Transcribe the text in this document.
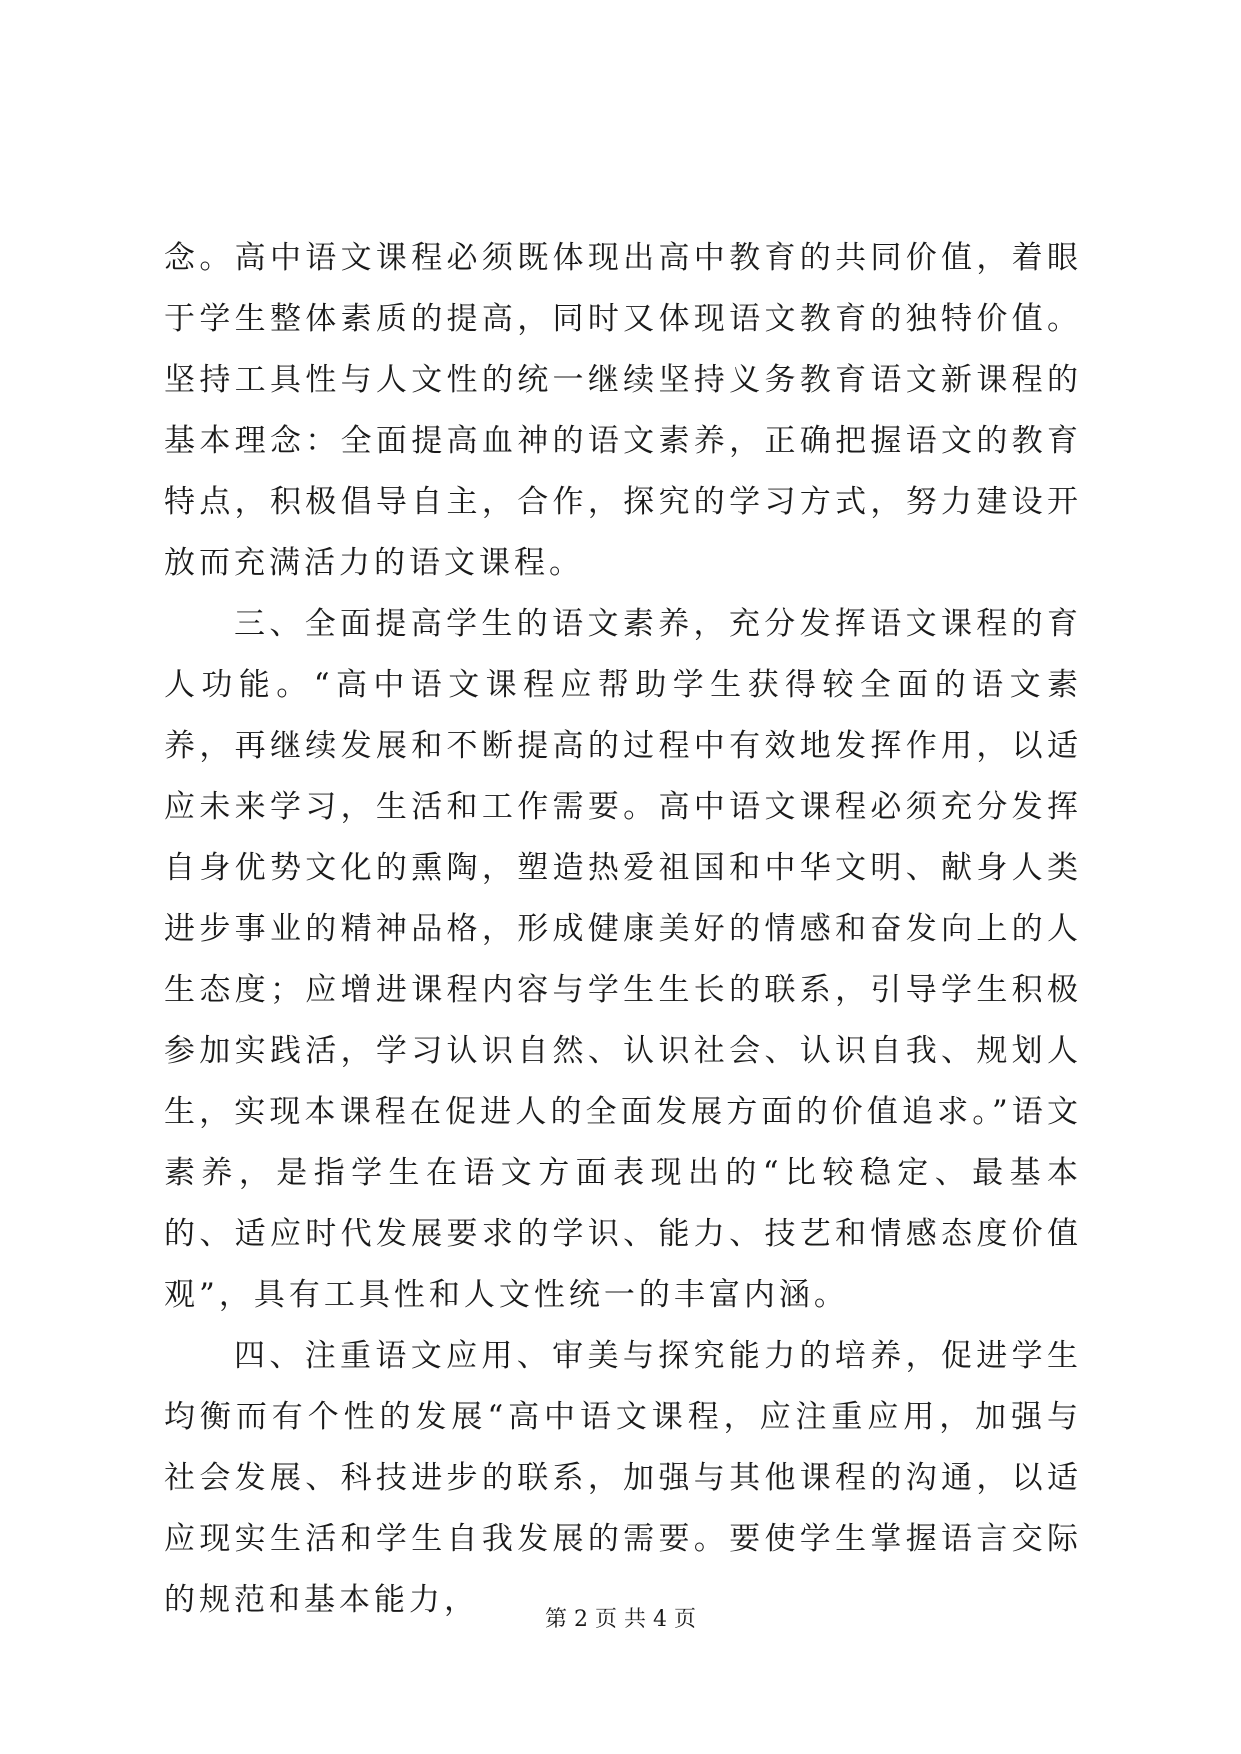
念。高中语文课程必须既体现出高中教育的共同价值，着眼于学生整体素质的提高，同时又体现语文教育的独特价值。坚持工具性与人文性的统一继续坚持义务教育语文新课程的基本理念：全面提高血神的语文素养，正确把握语文的教育特点，积极倡导自主，合作，探究的学习方式，努力建设开放而充满活力的语文课程。

三、全面提高学生的语文素养，充分发挥语文课程的育人功能。“高中语文课程应帮助学生获得较全面的语文素养，再继续发展和不断提高的过程中有效地发挥作用，以适应未来学习，生活和工作需要。高中语文课程必须充分发挥自身优势文化的熏陶，塑造热爱祖国和中华文明、献身人类进步事业的精神品格，形成健康美好的情感和奋发向上的人生态度；应增进课程内容与学生生长的联系，引导学生积极参加实践活，学习认识自然、认识社会、认识自我、规划人生，实现本课程在促进人的全面发展方面的价值追求。”语文素养，是指学生在语文方面表现出的“比较稳定、最基本的、适应时代发展要求的学识、能力、技艺和情感态度价值观”，具有工具性和人文性统一的丰富内涵。

四、注重语文应用、审美与探究能力的培养，促进学生均衡而有个性的发展“高中语文课程，应注重应用，加强与社会发展、科技进步的联系，加强与其他课程的沟通，以适应现实生活和学生自我发展的需要。要使学生掌握语言交际的规范和基本能力，

第 2 页 共 4 页
